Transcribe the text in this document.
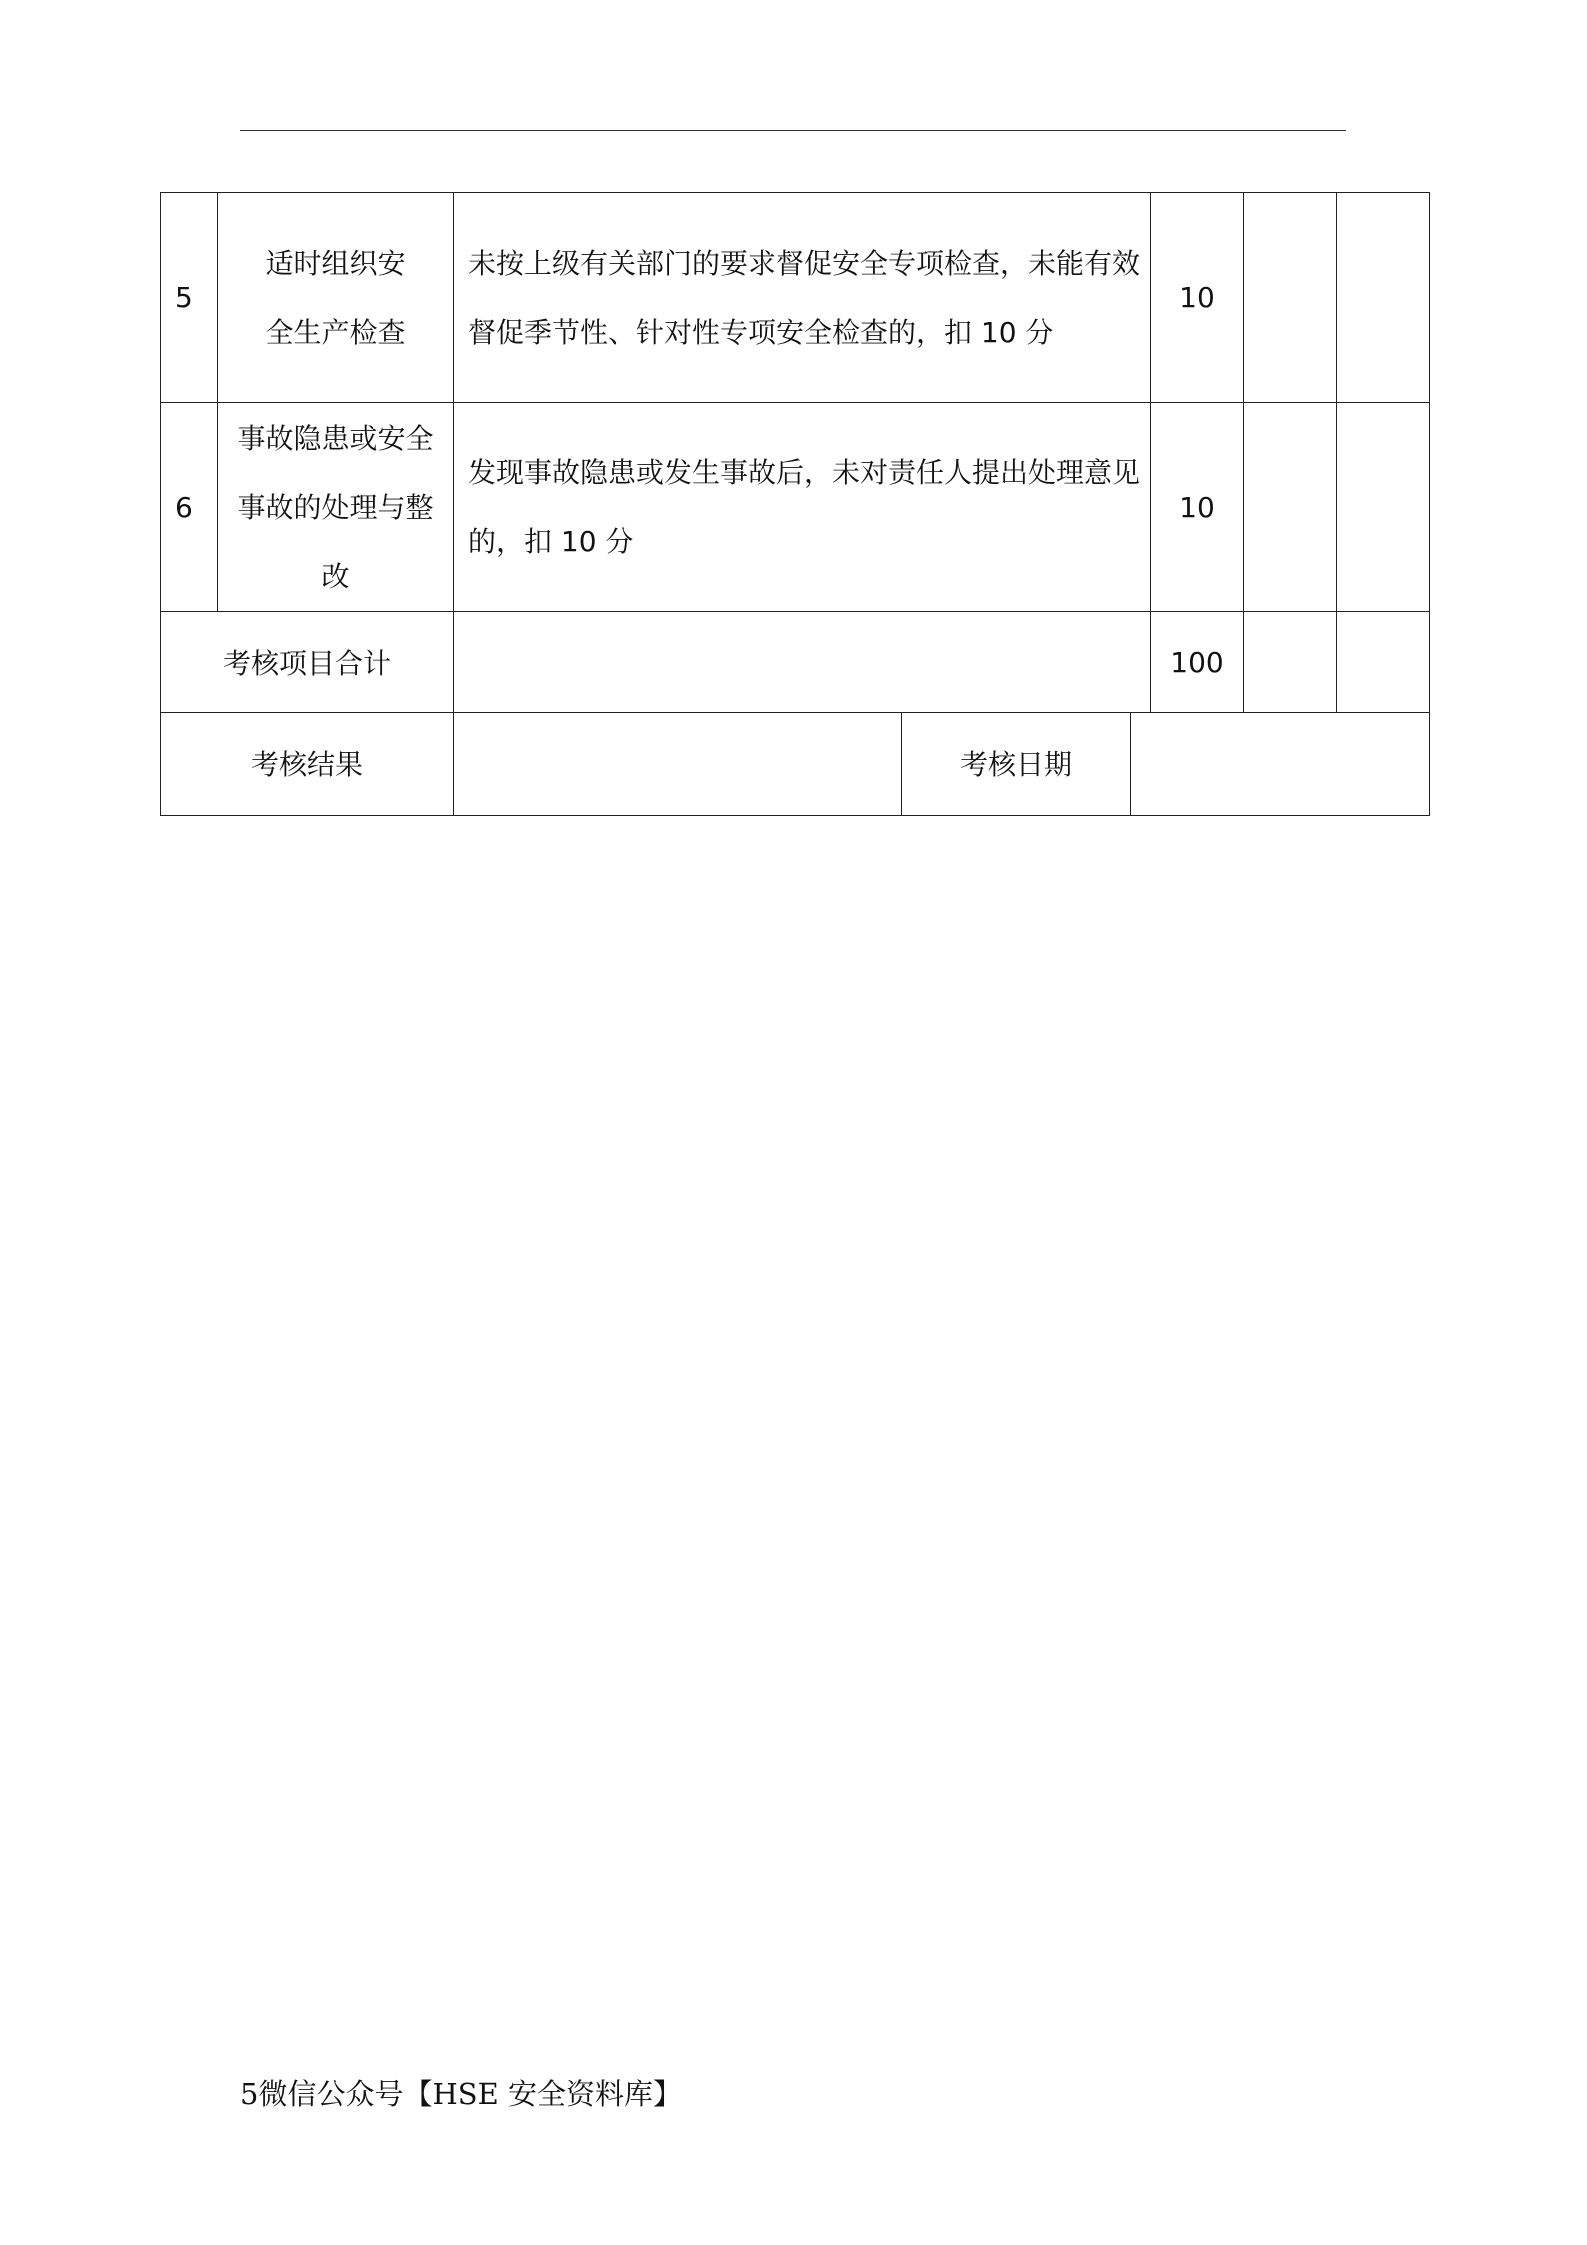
5	适时组织安全生产检查	未按上级有关部门的要求督促安全专项检查，未能有效督促季节性、针对性专项安全检查的，扣 10 分	10		
6	事故隐患或安全事故的处理与整改	发现事故隐患或发生事故后，未对责任人提出处理意见的，扣 10 分	10		
考核项目合计			100		
考核结果		考核日期	
5微信公众号【HSE 安全资料库】
